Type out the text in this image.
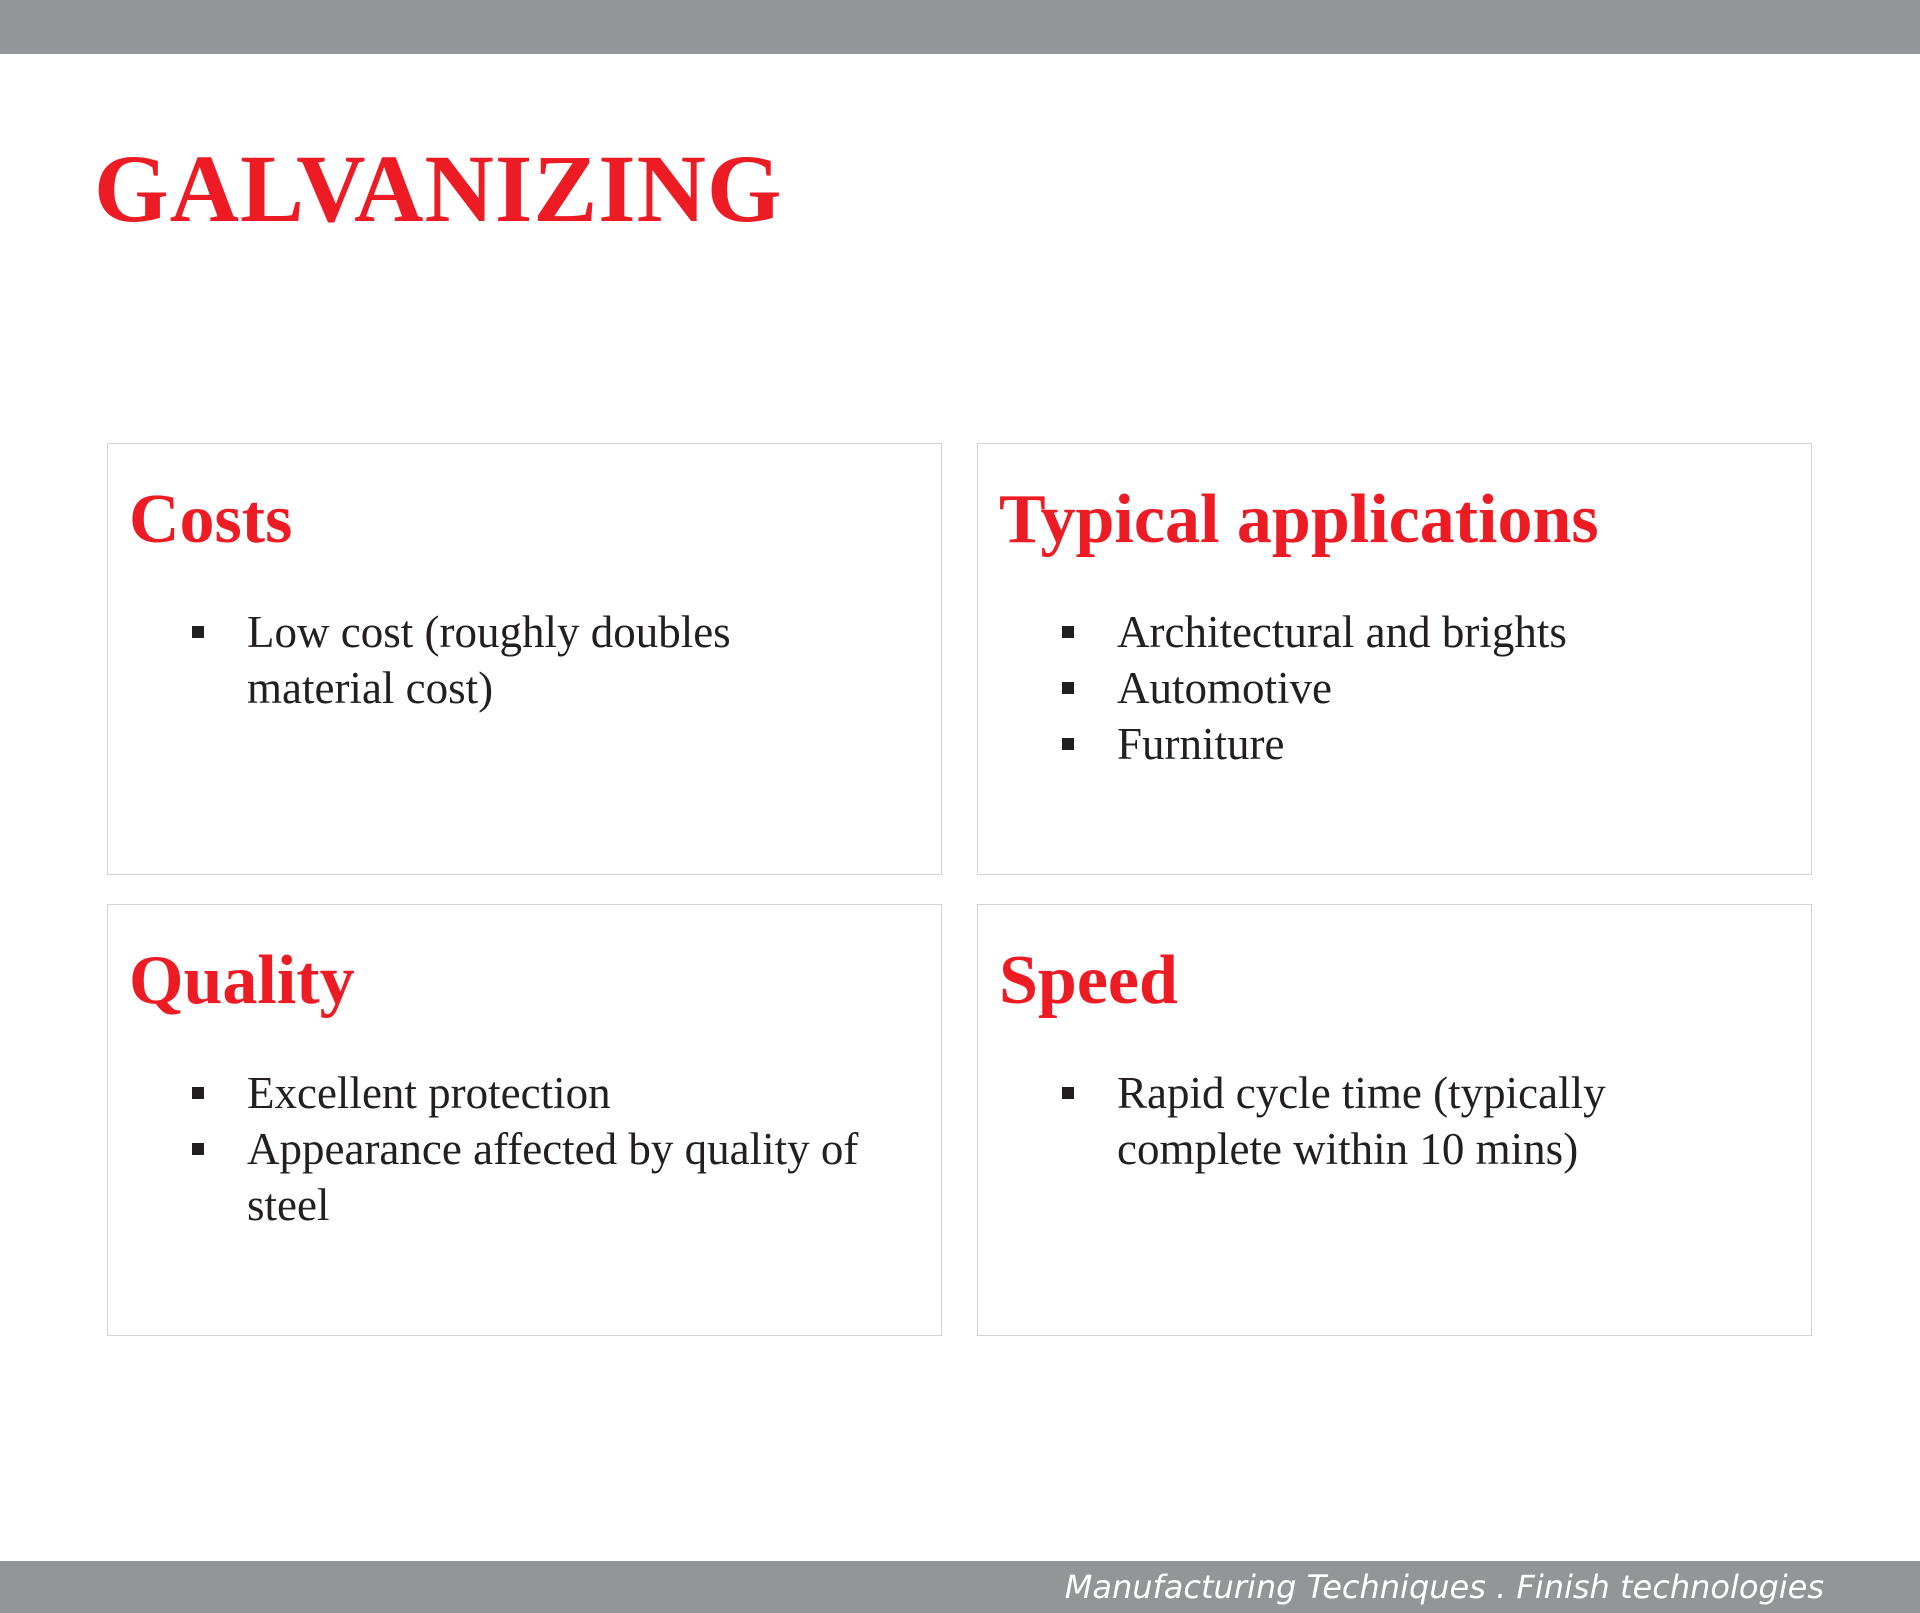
GALVANIZING
Costs
Low cost (roughly doubles material cost)
Typical applications
Architectural and brights
Automotive
Furniture
Quality
Excellent protection
Appearance affected by quality of steel
Speed
Rapid cycle time (typically complete within 10 mins)
Manufacturing Techniques . Finish technologies
